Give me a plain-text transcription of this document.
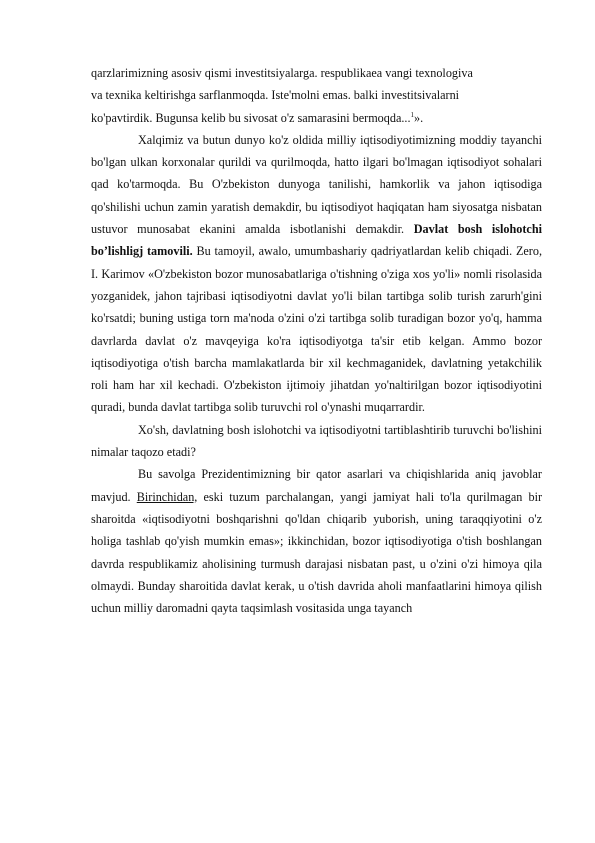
qarzlarimizning asosiv qismi investitsiyalarga. respublikaea vangi texnologiva
va texnika keltirishga sarflanmoqda. Iste'molni emas. balki investitsivalarni
ko'pavtirdik. Bugunsa kelib bu sivosat o'z samarasini bermoqda...$^1$».

Xalqimiz va butun dunyo ko'z oldida milliy iqtisodiyotimizning moddiy tayanchi bo'lgan ulkan korxonalar qurildi va qurilmoqda, hatto ilgari bo'lmagan iqtisodiyot sohalari qad ko'tarmoqda. Bu O'zbekiston dunyoga tanilishi, hamkorlik va jahon iqtisodiga qo'shilishi uchun zamin yaratish demakdir, bu iqtisodiyot haqiqatan ham siyosatga nisbatan ustuvor munosabat ekanini amalda isbotlanishi demakdir. Davlat bosh islohotchi bo’lishligj tamovili. Bu tamoyil, awalo, umumbashariy qadriyatlardan kelib chiqadi. Zero, I. Karimov «O'zbekiston bozor munosabatlariga o'tishning o'ziga xos yo'li» nomli risolasida yozganidek, jahon tajribasi iqtisodiyotni davlat yo'li bilan tartibga solib turish zarurh'gini ko'rsatdi; buning ustiga torn ma'noda o'zini o'zi tartibga solib turadigan bozor yo'q, hamma davrlarda davlat o'z mavqeyiga ko'ra iqtisodiyotga ta'sir etib kelgan. Ammo bozor iqtisodiyotiga o'tish barcha mamlakatlarda bir xil kechmaganidek, davlatning yetakchilik roli ham har xil kechadi. O'zbekiston ijtimoiy jihatdan yo'naltirilgan bozor iqtisodiyotini quradi, bunda davlat tartibga solib turuvchi rol o'ynashi muqarrardir.

Xo'sh, davlatning bosh islohotchi va iqtisodiyotni tartiblashtirib turuvchi bo'lishini nimalar taqozo etadi?

Bu savolga Prezidentimizning bir qator asarlari va chiqishlarida aniq javoblar mavjud. Birinchidan, eski tuzum parchalangan, yangi jamiyat hali to'la qurilmagan bir sharoitda «iqtisodiyotni boshqarishni qo'ldan chiqarib yuborish, uning taraqqiyotini o'z holiga tashlab qo'yish mumkin emas»; ikkinchidan, bozor iqtisodiyotiga o'tish boshlangan davrda respublikamiz aholisining turmush darajasi nisbatan past, u o'zini o'zi himoya qila olmaydi. Bunday sharoitida davlat kerak, u o'tish davrida aholi manfaatlarini himoya qilish uchun milliy daromadni qayta taqsimlash vositasida unga tayanch
